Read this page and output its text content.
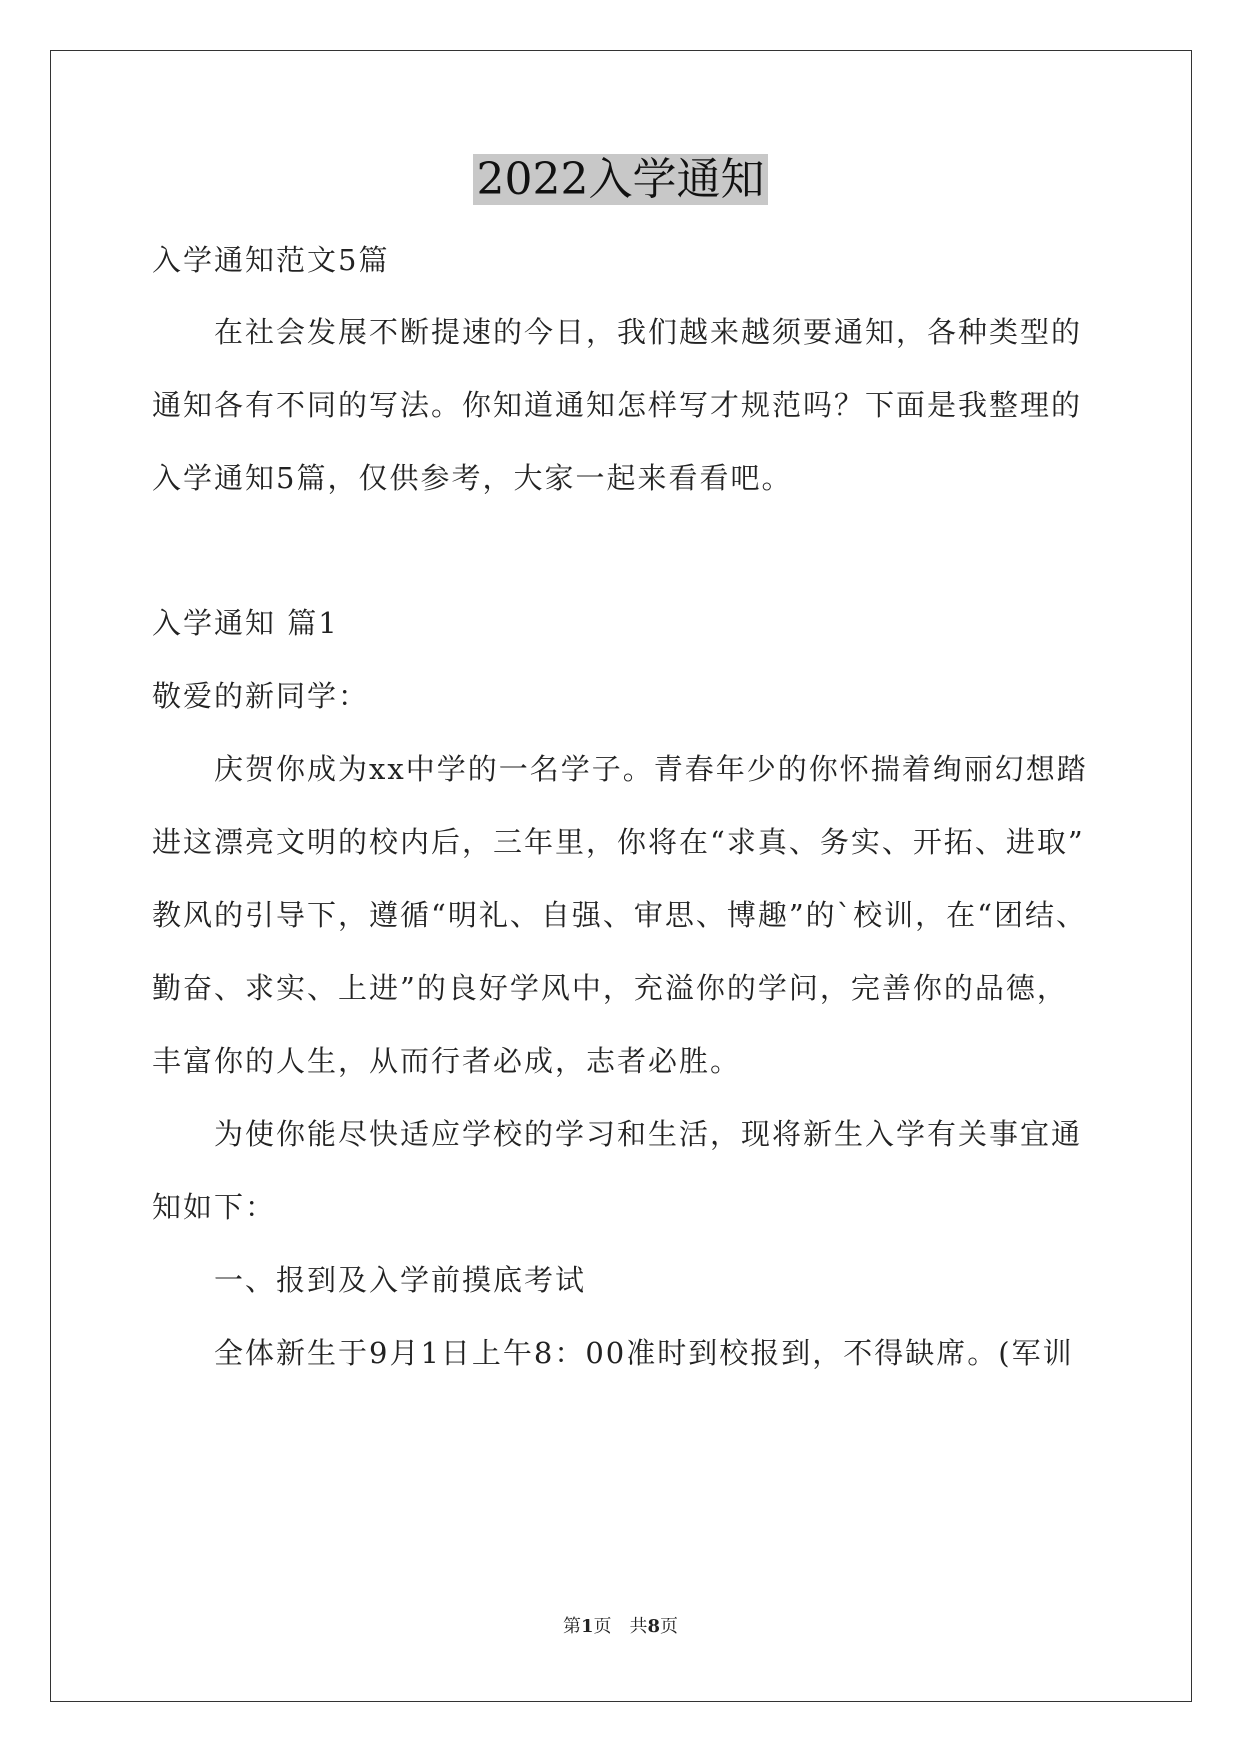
2022入学通知
入学通知范文5篇
在社会发展不断提速的今日，我们越来越须要通知，各种类型的
通知各有不同的写法。你知道通知怎样写才规范吗？下面是我整理的
入学通知5篇，仅供参考，大家一起来看看吧。
入学通知 篇1
敬爱的新同学：
庆贺你成为xx中学的一名学子。青春年少的你怀揣着绚丽幻想踏
进这漂亮文明的校内后，三年里，你将在“求真、务实、开拓、进取”
教风的引导下，遵循“明礼、自强、审思、博趣”的`校训，在“团结、
勤奋、求实、上进”的良好学风中，充溢你的学问，完善你的品德，
丰富你的人生，从而行者必成，志者必胜。
为使你能尽快适应学校的学习和生活，现将新生入学有关事宜通
知如下：
一、报到及入学前摸底考试
全体新生于9月1日上午8：00准时到校报到，不得缺席。(军训
第1页　共8页
